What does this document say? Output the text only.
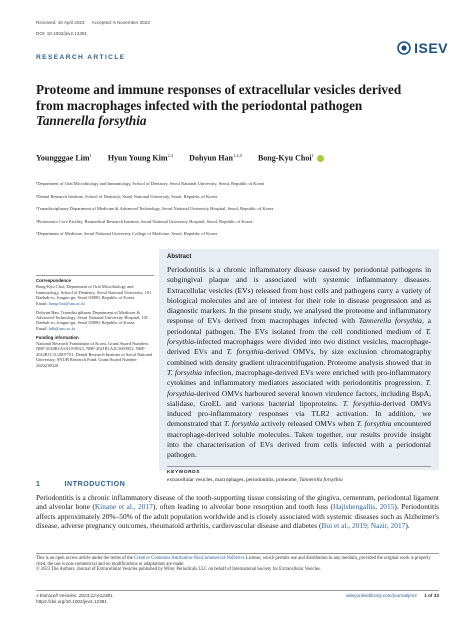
Received: 16 April 2023 Accepted: 6 November 2023
DOI: 10.1002/jev2.12381
ISEV
RESEARCH ARTICLE
Proteome and immune responses of extracellular vesicles derived
from macrophages infected with the periodontal pathogen
Tannerella forsythia
Youngggae Lim$^1$ Hyun Young Kim$^{2,3}$ Dohyun Han$^{1,4,5}$ Bong-Kyu Choi$^1$
¹Department of Oral Microbiology and Immunology, School of Dentistry, Seoul National University, Seoul, Republic of Korea
²Dental Research Institute, School of Dentistry, Seoul National University, Seoul, Republic of Korea
³Transdisciplinary Department of Medicine & Advanced Technology, Seoul National University Hospital, Seoul, Republic of Korea
⁴Proteomics Core Facility, Biomedical Research Institute, Seoul National University Hospital, Seoul, Republic of Korea
⁵Department of Medicine, Seoul National University College of Medicine, Seoul, Republic of Korea
Correspondence
Bong-Kyu Choi, Department of Oral Microbiology and Immunology, School of Dentistry, Seoul National University, 101 Daehak-ro, Jongno-gu, Seoul 03080, Republic of Korea.
Email: bongchoi@snu.ac.kr
Dohyun Han, Transdisciplinary Department of Medicine & Advanced Technology, Seoul National University Hospital, 101 Daehak-ro, Jongno-gu, Seoul 03080, Republic of Korea.
Email: hdh@snu.ac.kr
Funding information
National Research Foundation of Korea, Grant/Award Numbers: NRF-2020R1A5A1019023, NRF-2021R1A2C3003952, NRF-2022R1C1C2007751; Dental Research Institute of Seoul National University; SNUH Research Fund, Grant/Award Number: 2620210020
Abstract
Periodontitis is a chronic inflammatory disease caused by periodontal pathogens in subgingival plaque and is associated with systemic inflammatory diseases. Extracellular vesicles (EVs) released from host cells and pathogens carry a variety of biological molecules and are of interest for their role in disease progression and as diagnostic markers. In the present study, we analysed the proteome and inflammatory response of EVs derived from macrophages infected with Tannerella forsythia, a periodontal pathogen. The EVs isolated from the cell conditioned medium of T. forsythia-infected macrophages were divided into two distinct vesicles, macrophage-derived EVs and T. forsythia-derived OMVs, by size exclusion chromatography combined with density gradient ultracentrifugation. Proteome analysis showed that in T. forsythia infection, macrophage-derived EVs were enriched with pro-inflammatory cytokines and inflammatory mediators associated with periodontitis progression. T. forsythia-derived OMVs harboured several known virulence factors, including BspA, sialidase, GroEL and various bacterial lipoproteins. T. forsythia-derived OMVs induced pro-inflammatory responses via TLR2 activation. In addition, we demonstrated that T. forsythia actively released OMVs when T. forsythia encountered macrophage-derived soluble molecules. Taken together, our results provide insight into the characterisation of EVs derived from cells infected with a periodontal pathogen.
KEYWORDS
extracellular vesicles, macrophages, periodontitis, proteome, Tannerella forsythia
1	INTRODUCTION
Periodontitis is a chronic inflammatory disease of the tooth-supporting tissue consisting of the gingiva, cementum, periodontal ligament and alveolar bone (Kinane et al., 2017), often leading to alveolar bone resorption and tooth loss (Hajishengallis, 2015). Periodontitis affects approximately 20%–50% of the adult population worldwide and is closely associated with systemic diseases such as Alzheimer's disease, adverse pregnancy outcomes, rheumatoid arthritis, cardiovascular disease and diabetes (Bui et al., 2019; Nazir, 2017).
This is an open access article under the terms of the Creative Commons Attribution-NonCommercial-NoDerivs License, which permits use and distribution in any medium, provided the original work is properly cited, the use is non-commercial and no modifications or adaptations are made.
© 2023 The Authors. Journal of Extracellular Vesicles published by Wiley Periodicals LLC on behalf of International Society for Extracellular Vesicles.
J Extracell Vesicles. 2023;12:e12381.
https://doi.org/10.1002/jev2.12381
wileyonlinelibrary.com/journal/jev2 1 of 33
